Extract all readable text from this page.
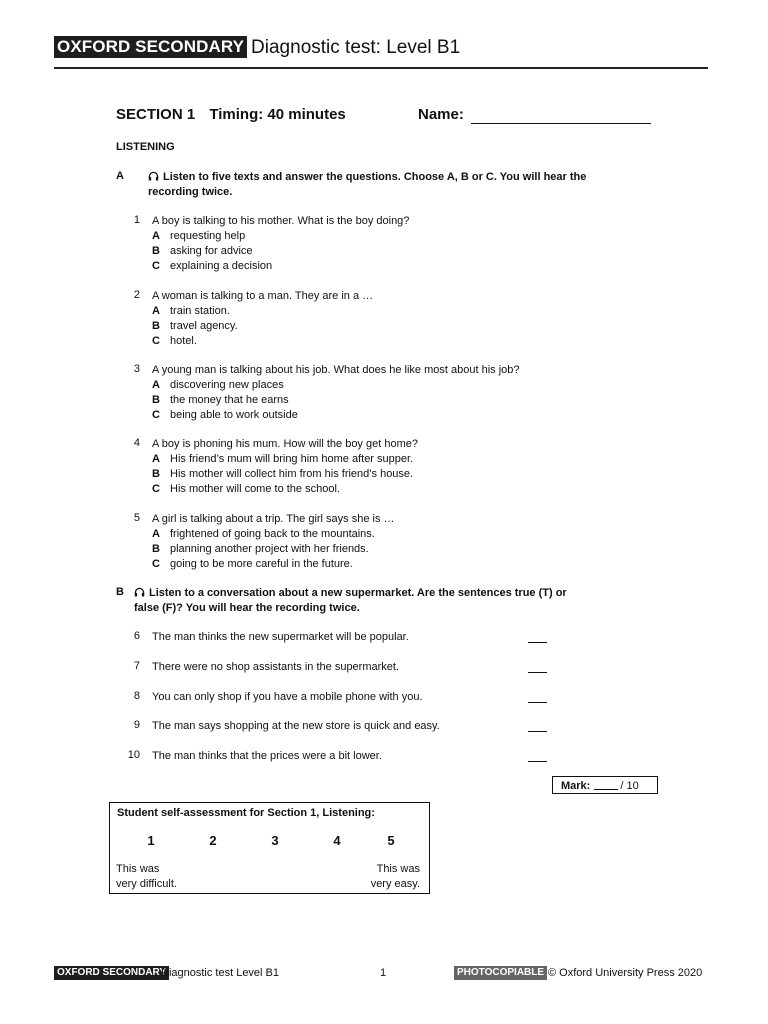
OXFORD SECONDARY Diagnostic test: Level B1
SECTION 1 Timing: 40 minutes	Name:
LISTENING
A	Listen to five texts and answer the questions. Choose A, B or C. You will hear the
recording twice.
1 A boy is talking to his mother. What is the boy doing?
A requesting help
B asking for advice
C explaining a decision
2 A woman is talking to a man. They are in a …
A train station.
B travel agency.
C hotel.
3 A young man is talking about his job. What does he like most about his job?
A discovering new places
B the money that he earns
C being able to work outside
4 A boy is phoning his mum. How will the boy get home?
A His friend’s mum will bring him home after supper.
B His mother will collect him from his friend’s house.
C His mother will come to the school.
5 A girl is talking about a trip. The girl says she is …
A frightened of going back to the mountains.
B planning another project with her friends.
C going to be more careful in the future.
B	Listen to a conversation about a new supermarket. Are the sentences true (T) or
false (F)? You will hear the recording twice.
6 The man thinks the new supermarket will be popular.
7 There were no shop assistants in the supermarket.
8 You can only shop if you have a mobile phone with you.
9 The man says shopping at the new store is quick and easy.
10 The man thinks that the prices were a bit lower.
Mark:	/ 10
Student self-assessment for Section 1, Listening:
1	2	3	4	5
This was
very difficult.
This was
very easy.
OXFORD SECONDARY
Diagnostic test Level B1	1	PHOTOCOPIABLE © Oxford University Press 2020
